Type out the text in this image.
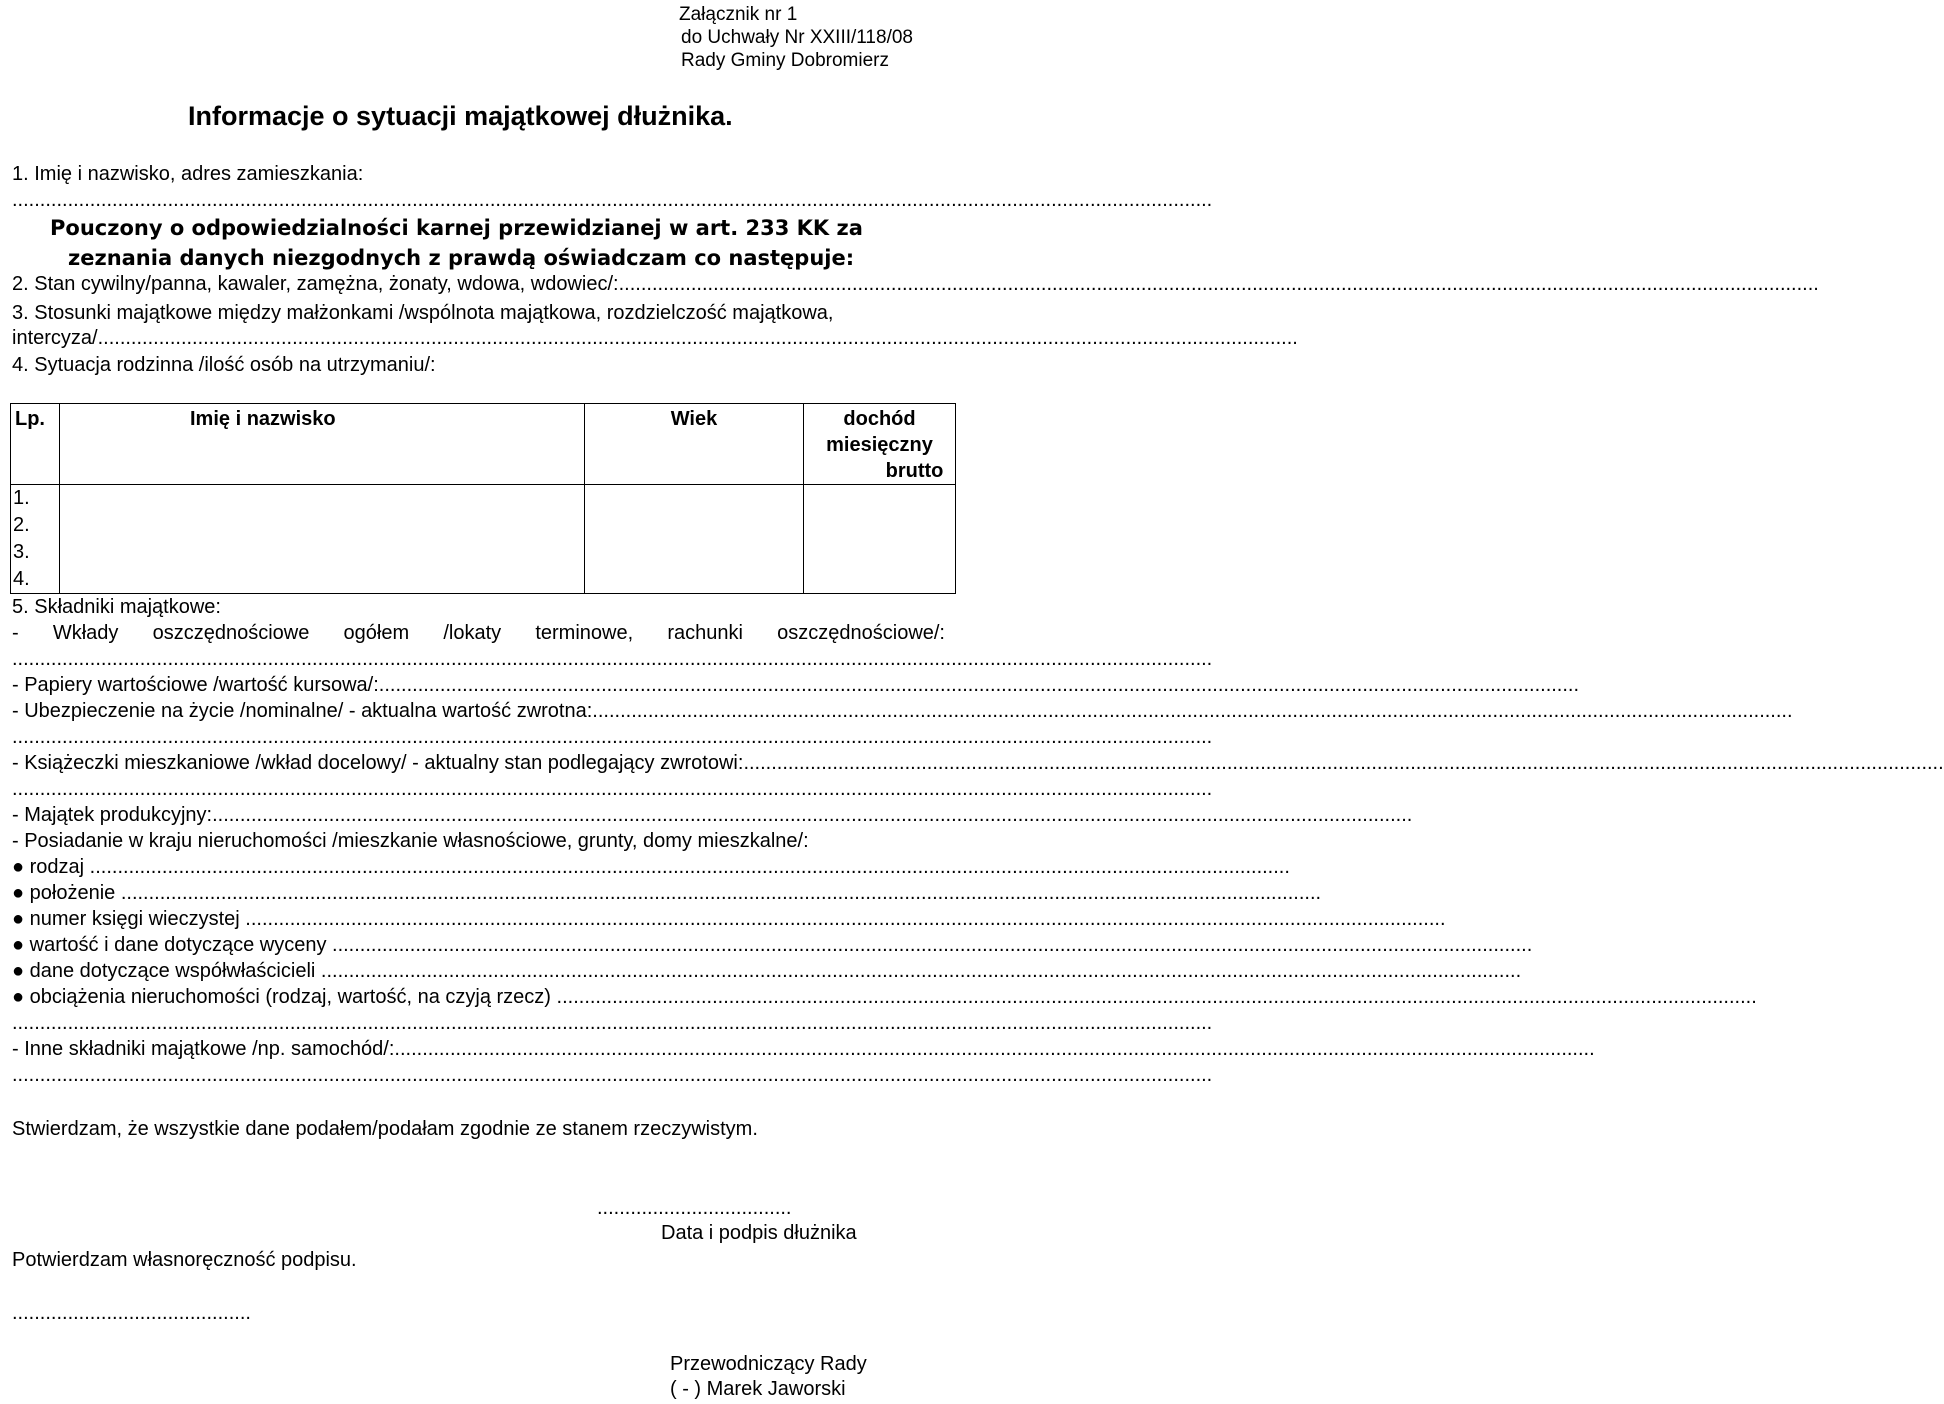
Załącznik nr 1
do Uchwały Nr XXIII/118/08
Rady Gminy Dobromierz
Informacje o sytuacji majątkowej dłużnika.
1. Imię i nazwisko, adres zamieszkania:
........................................................................................................................................................................................................................
Pouczony o odpowiedzialności karnej przewidzianej w art. 233 KK za
zeznania danych niezgodnych z prawdą oświadczam co następuje:
2. Stan cywilny/panna, kawaler, zamężna, żonaty, wdowa, wdowiec/:........................................................................................................................................................................................................................
3. Stosunki majątkowe między małżonkami /wspólnota majątkowa, rozdzielczość majątkowa,
intercyza/........................................................................................................................................................................................................................
4. Sytuacja rodzinna /ilość osób na utrzymaniu/:
Lp.	Imię i nazwisko	Wiek	dochód miesięczny
brutto
1.			
2.			
3.			
4.			
5. Składniki majątkowe:
- Wkłady oszczędnościowe ogółem /lokaty terminowe, rachunki oszczędnościowe/:
........................................................................................................................................................................................................................
- Papiery wartościowe /wartość kursowa/:........................................................................................................................................................................................................................
- Ubezpieczenie na życie /nominalne/ - aktualna wartość zwrotna:........................................................................................................................................................................................................................
........................................................................................................................................................................................................................
- Książeczki mieszkaniowe /wkład docelowy/ - aktualny stan podlegający zwrotowi:........................................................................................................................................................................................................................
........................................................................................................................................................................................................................
- Majątek produkcyjny:........................................................................................................................................................................................................................
- Posiadanie w kraju nieruchomości /mieszkanie własnościowe, grunty, domy mieszkalne/:
● rodzaj ........................................................................................................................................................................................................................
● położenie ........................................................................................................................................................................................................................
● numer księgi wieczystej ........................................................................................................................................................................................................................
● wartość i dane dotyczące wyceny ........................................................................................................................................................................................................................
● dane dotyczące współwłaścicieli ........................................................................................................................................................................................................................
● obciążenia nieruchomości (rodzaj, wartość, na czyją rzecz) ........................................................................................................................................................................................................................
........................................................................................................................................................................................................................
- Inne składniki majątkowe /np. samochód/:........................................................................................................................................................................................................................
........................................................................................................................................................................................................................
Stwierdzam, że wszystkie dane podałem/podałam zgodnie ze stanem rzeczywistym.
...................................
Data i podpis dłużnika
Potwierdzam własnoręczność podpisu.
...........................................
Przewodniczący Rady
( - ) Marek Jaworski
